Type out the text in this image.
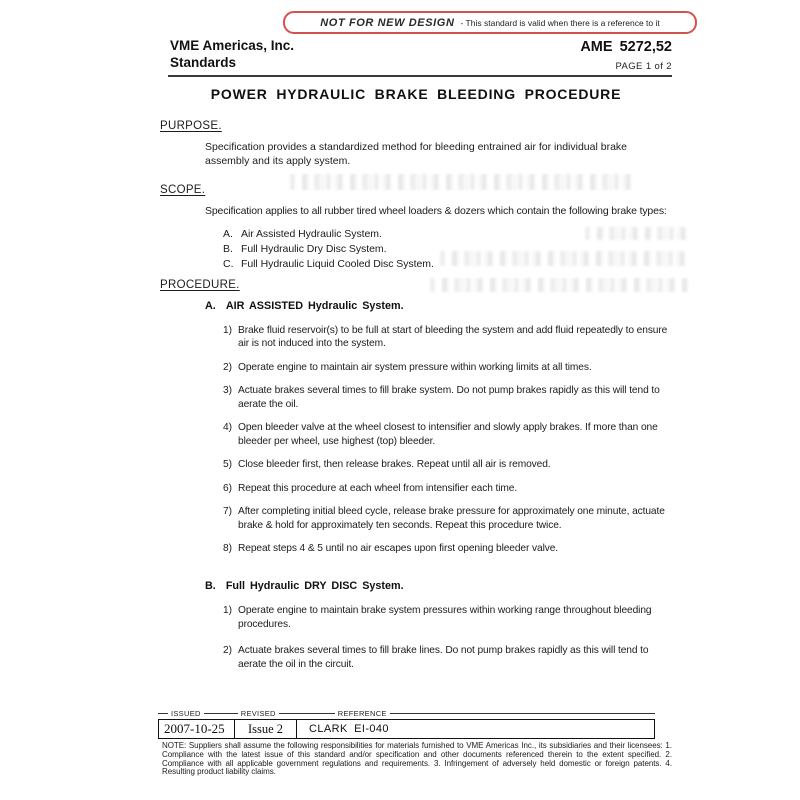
NOT FOR NEW DESIGN - This standard is valid when there is a reference to it
VME Americas, Inc.
Standards
AME 5272,52
PAGE 1 of 2
POWER HYDRAULIC BRAKE BLEEDING PROCEDURE
PURPOSE.

Specification provides a standardized method for bleeding entrained air for individual brake assembly and its apply system.

SCOPE.

Specification applies to all rubber tired wheel loaders & dozers which contain the following brake types:

A. Air Assisted Hydraulic System.
B. Full Hydraulic Dry Disc System.
C. Full Hydraulic Liquid Cooled Disc System.
PROCEDURE.
A. AIR ASSISTED Hydraulic System.
1) Brake fluid reservoir(s) to be full at start of bleeding the system and add fluid repeatedly to ensure air is not induced into the system.
2) Operate engine to maintain air system pressure within working limits at all times.
3) Actuate brakes several times to fill brake system. Do not pump brakes rapidly as this will tend to aerate the oil.
4) Open bleeder valve at the wheel closest to intensifier and slowly apply brakes. If more than one bleeder per wheel, use highest (top) bleeder.
5) Close bleeder first, then release brakes. Repeat until all air is removed.
6) Repeat this procedure at each wheel from intensifier each time.
7) After completing initial bleed cycle, release brake pressure for approximately one minute, actuate brake & hold for approximately ten seconds. Repeat this procedure twice.
8) Repeat steps 4 & 5 until no air escapes upon first opening bleeder valve.
B. Full Hydraulic DRY DISC System.
1) Operate engine to maintain brake system pressures within working range throughout bleeding procedures.
2) Actuate brakes several times to fill brake lines. Do not pump brakes rapidly as this will tend to aerate the oil in the circuit.
ISSUED	REVISED	REFERENCE
2007-10-25	Issue 2	CLARK EI-040
NOTE: Suppliers shall assume the following responsibilities for materials furnished to VME Americas Inc., its subsidiaries and their licensees: 1. Compliance with the latest issue of this standard and/or specification and other documents referenced therein to the extent specified. 2. Compliance with all applicable government regulations and requirements. 3. Infringement of adversely held domestic or foreign patents. 4. Resulting product liability claims.
